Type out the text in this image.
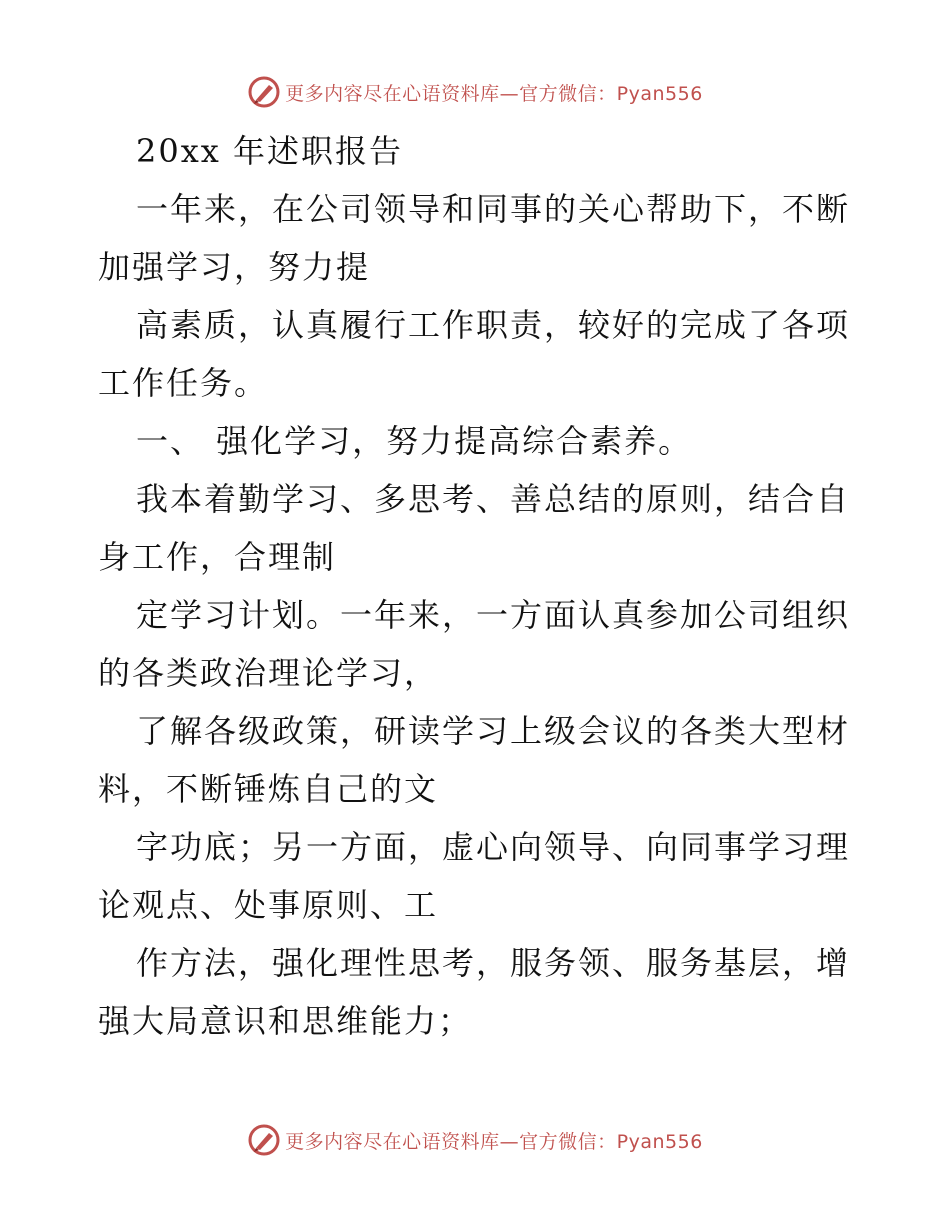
更多内容尽在心语资料库—官方微信：Pyan556
20xx 年述职报告
一年来，在公司领导和同事的关心帮助下，不断
加强学习，努力提
高素质，认真履行工作职责，较好的完成了各项
工作任务。
一、 强化学习，努力提高综合素养。
我本着勤学习、多思考、善总结的原则，结合自
身工作，合理制
定学习计划。一年来，一方面认真参加公司组织
的各类政治理论学习，
了解各级政策，研读学习上级会议的各类大型材
料，不断锤炼自己的文
字功底；另一方面，虚心向领导、向同事学习理
论观点、处事原则、工
作方法，强化理性思考，服务领、服务基层，增
强大局意识和思维能力；
更多内容尽在心语资料库—官方微信：Pyan556
